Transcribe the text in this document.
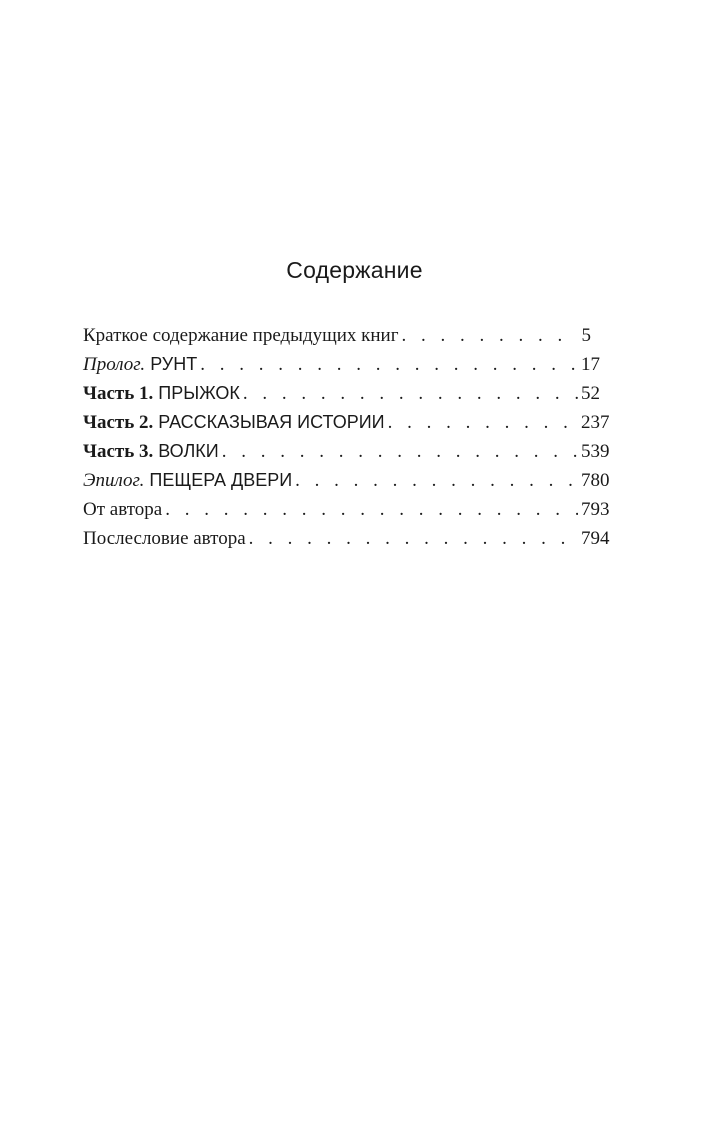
Содержание
Краткое содержание предыдущих книг . . .	5
Пролог. РУНТ . . .	17
Часть 1. ПРЫЖОК . . .	52
Часть 2. РАССКАЗЫВАЯ ИСТОРИИ . . .	237
Часть 3. ВОЛКИ . . .	539
Эпилог. ПЕЩЕРА ДВЕРИ . . .	780
От автора . . .	793
Послесловие автора . . .	794
